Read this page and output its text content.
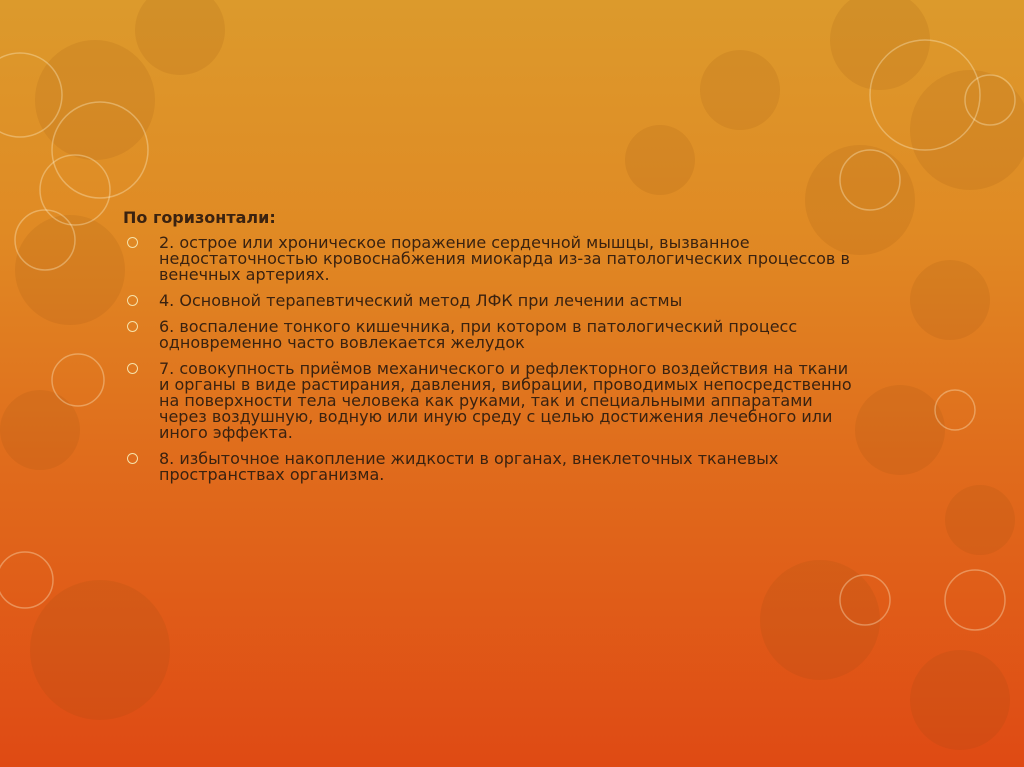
По горизонтали:
2. острое или хроническое поражение сердечной мышцы, вызванное недостаточностью кровоснабжения миокарда из-за патологических процессов в венечных артериях.
4. Основной терапевтический метод ЛФК при лечении астмы
6. воспаление тонкого кишечника, при котором в патологический процесс одновременно часто вовлекается желудок
7. совокупность приёмов механического и рефлекторного воздействия на ткани и органы в виде растирания, давления, вибрации, проводимых непосредственно на поверхности тела человека как руками, так и специальными аппаратами через воздушную, водную или иную среду с целью достижения лечебного или иного эффекта.
8. избыточное накопление жидкости в органах, внеклеточных тканевых пространствах организма.
